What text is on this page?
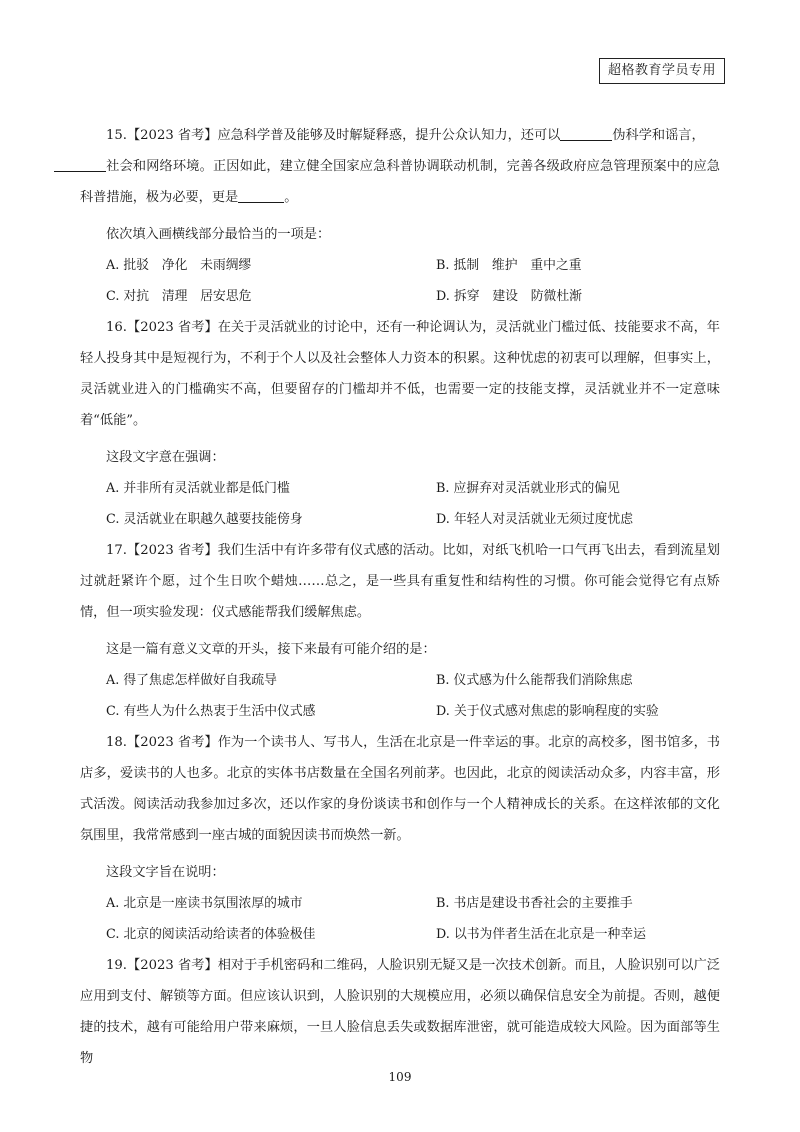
超格教育学员专用

15.【2023 省考】应急科学普及能够及时解疑释惑，提升公众认知力，还可以	伪科学和谣言，
社会和网络环境。正因如此，建立健全国家应急科普协调联动机制，完善各级政府应急管理预案中的应急科普措施，极为必要，更是	。

依次填入画横线部分最恰当的一项是：

A. 批驳　净化　未雨绸缪	B. 抵制　维护　重中之重
C. 对抗　清理　居安思危	D. 拆穿　建设　防微杜渐

16.【2023 省考】在关于灵活就业的讨论中，还有一种论调认为，灵活就业门槛过低、技能要求不高，年轻人投身其中是短视行为，不利于个人以及社会整体人力资本的积累。这种忧虑的初衷可以理解，但事实上，灵活就业进入的门槛确实不高，但要留存的门槛却并不低，也需要一定的技能支撑，灵活就业并不一定意味着“低能”。

这段文字意在强调：

A. 并非所有灵活就业都是低门槛	B. 应摒弃对灵活就业形式的偏见
C. 灵活就业在职越久越要技能傍身	D. 年轻人对灵活就业无须过度忧虑

17.【2023 省考】我们生活中有许多带有仪式感的活动。比如，对纸飞机哈一口气再飞出去，看到流星划过就赶紧许个愿，过个生日吹个蜡烛……总之，是一些具有重复性和结构性的习惯。你可能会觉得它有点矫情，但一项实验发现：仪式感能帮我们缓解焦虑。

这是一篇有意义文章的开头，接下来最有可能介绍的是：

A. 得了焦虑怎样做好自我疏导	B. 仪式感为什么能帮我们消除焦虑
C. 有些人为什么热衷于生活中仪式感	D. 关于仪式感对焦虑的影响程度的实验

18.【2023 省考】作为一个读书人、写书人，生活在北京是一件幸运的事。北京的高校多，图书馆多，书店多，爱读书的人也多。北京的实体书店数量在全国名列前茅。也因此，北京的阅读活动众多，内容丰富，形式活泼。阅读活动我参加过多次，还以作家的身份谈读书和创作与一个人精神成长的关系。在这样浓郁的文化氛围里，我常常感到一座古城的面貌因读书而焕然一新。

这段文字旨在说明：

A. 北京是一座读书氛围浓厚的城市	B. 书店是建设书香社会的主要推手
C. 北京的阅读活动给读者的体验极佳	D. 以书为伴者生活在北京是一种幸运

19.【2023 省考】相对于手机密码和二维码，人脸识别无疑又是一次技术创新。而且，人脸识别可以广泛应用到支付、解锁等方面。但应该认识到，人脸识别的大规模应用，必须以确保信息安全为前提。否则，越便捷的技术，越有可能给用户带来麻烦，一旦人脸信息丢失或数据库泄密，就可能造成较大风险。因为面部等生物

109
